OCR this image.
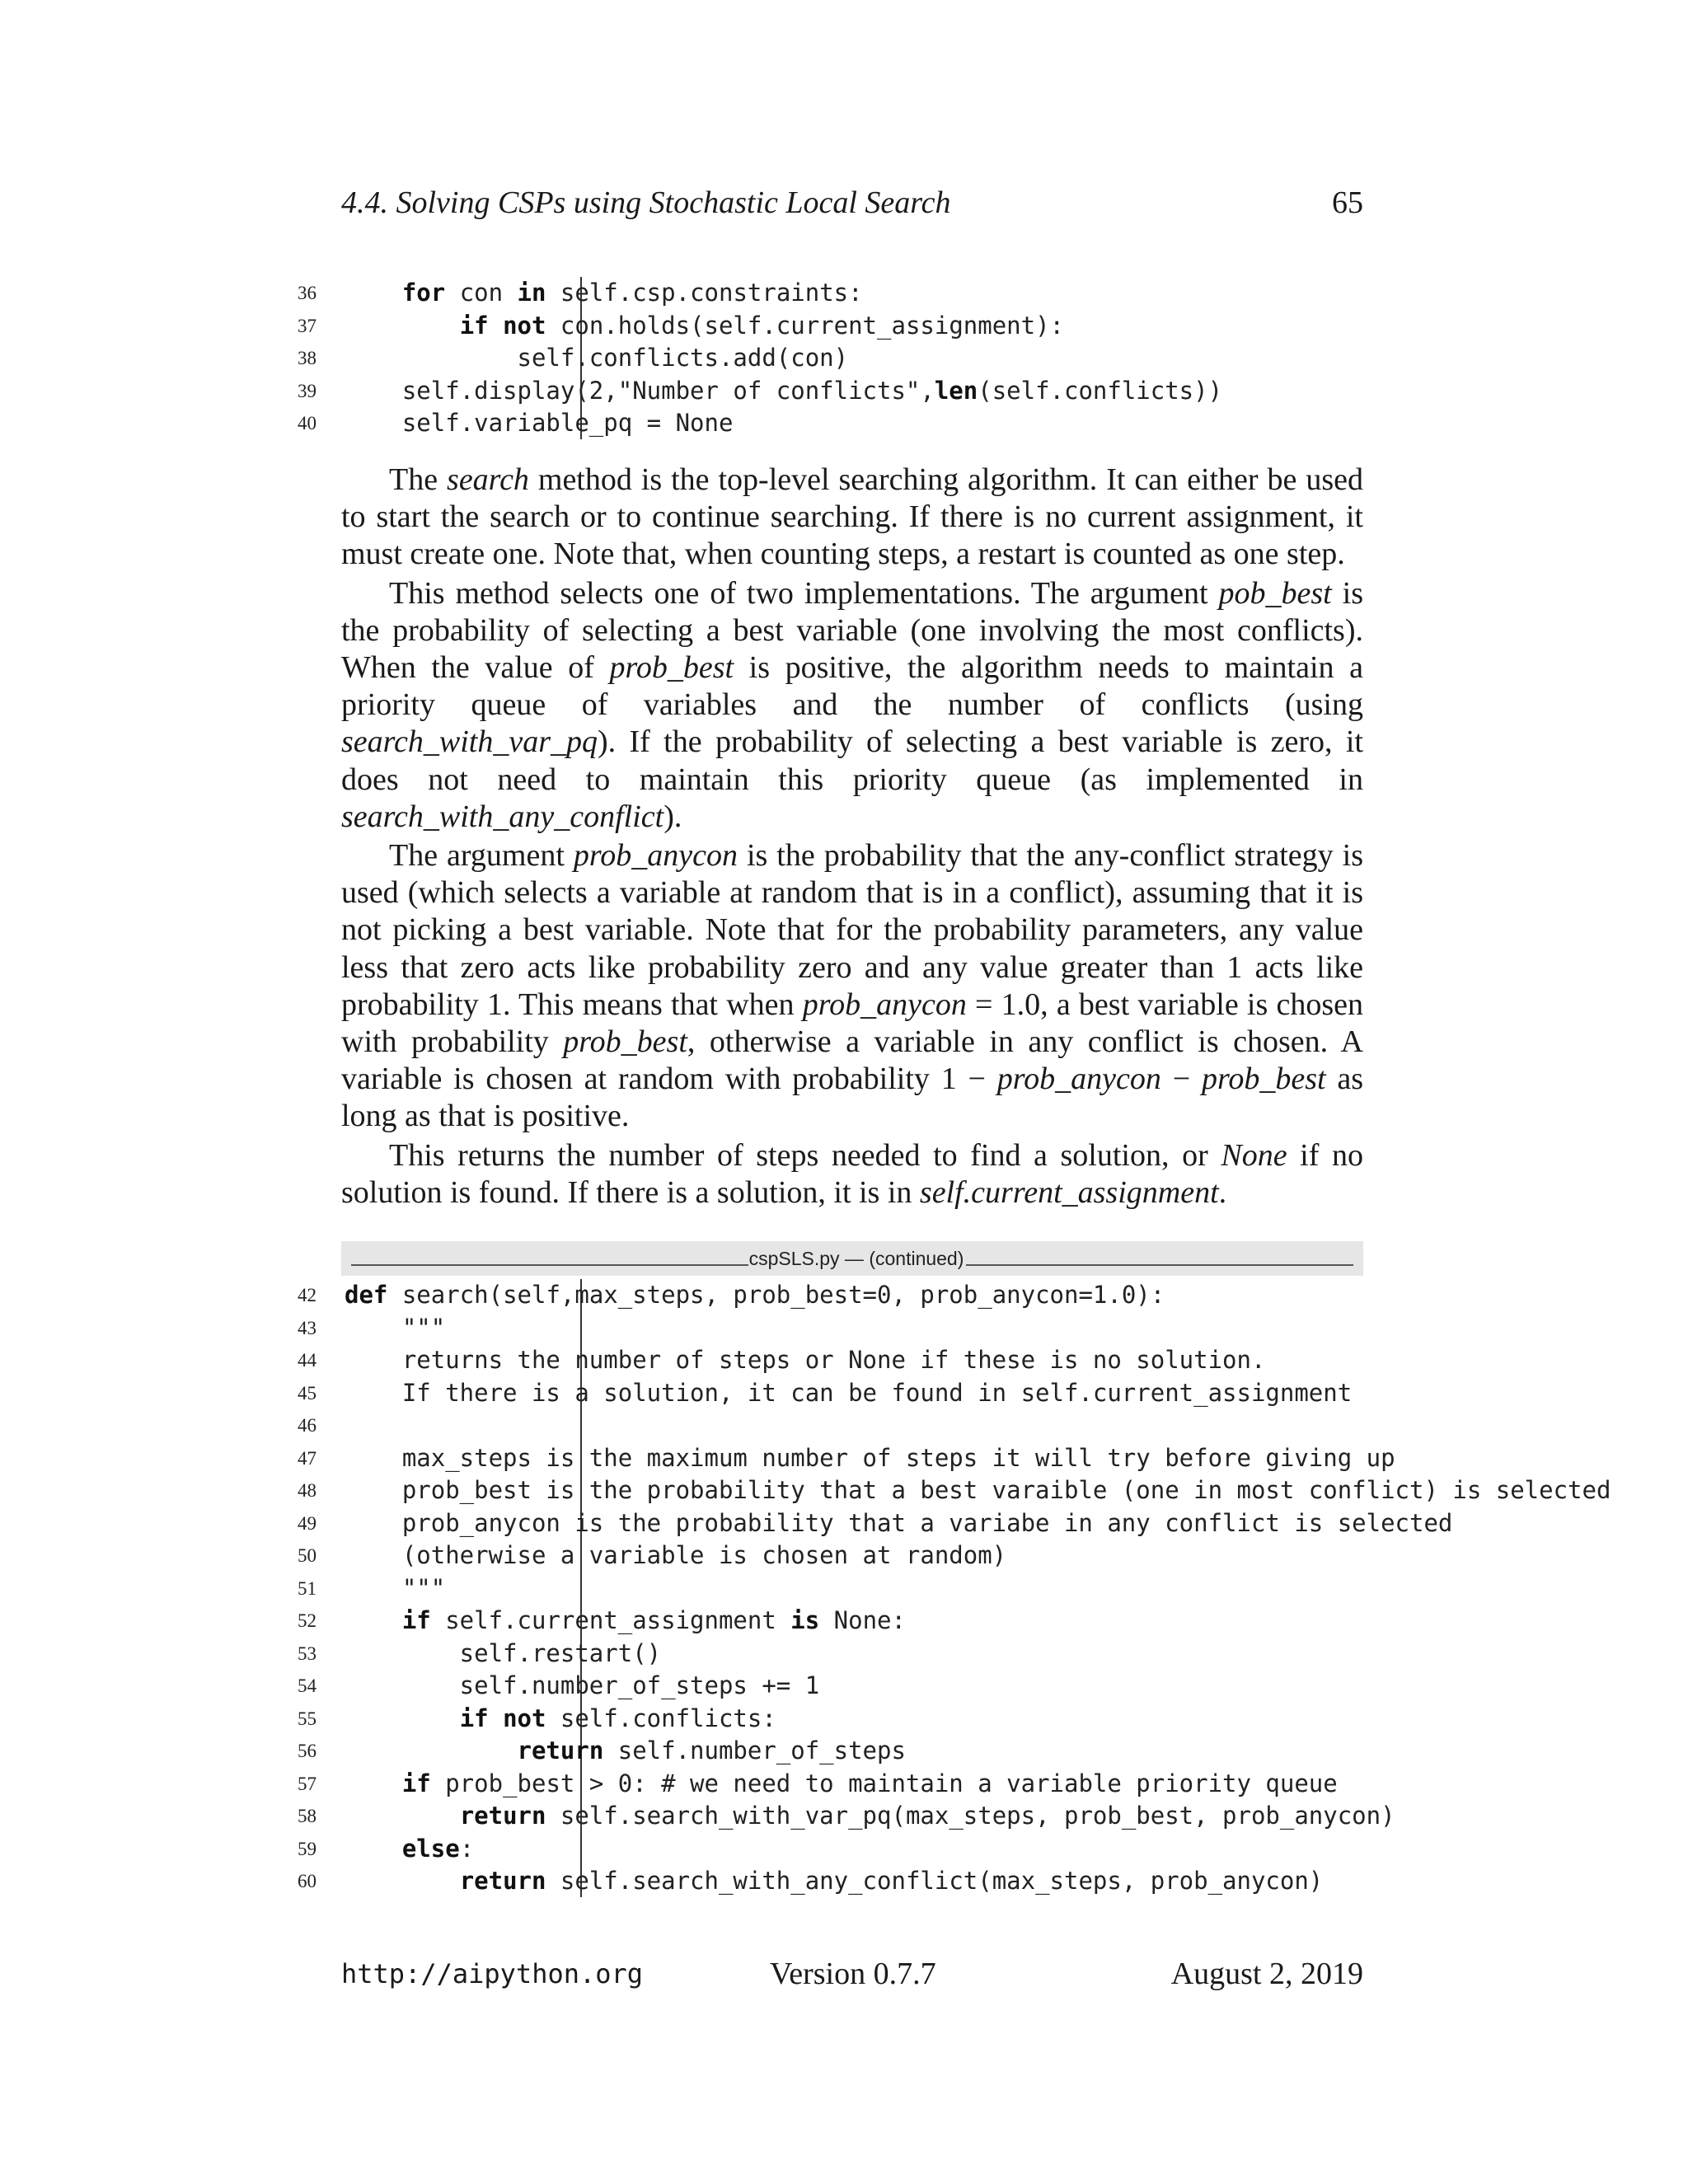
4.4. Solving CSPs using Stochastic Local Search	65
36	for con in self.csp.constraints:
37	if not con.holds(self.current_assignment):
38 self.conflicts.add(con)
39 self.display(2,"Number of conflicts",len(self.conflicts))
40 self.variable_pq = None

The search method is the top-level searching algorithm. It can either be used to start the search or to continue searching. If there is no current assignment, it must create one. Note that, when counting steps, a restart is counted as one step.

This method selects one of two implementations. The argument pob_best is the probability of selecting a best variable (one involving the most conflicts). When the value of prob_best is positive, the algorithm needs to maintain a priority queue of variables and the number of conflicts (using search_with_var_pq). If the probability of selecting a best variable is zero, it does not need to maintain this priority queue (as implemented in search_with_any_conflict).

The argument prob_anycon is the probability that the any-conflict strategy is used (which selects a variable at random that is in a conflict), assuming that it is not picking a best variable. Note that for the probability parameters, any value less that zero acts like probability zero and any value greater than 1 acts like probability 1. This means that when prob_anycon = 1.0, a best variable is chosen with probability prob_best, otherwise a variable in any conflict is chosen. A variable is chosen at random with probability 1 − prob_anycon − prob_best as long as that is positive.

This returns the number of steps needed to find a solution, or None if no solution is found. If there is a solution, it is in self.current_assignment.

cspSLS.py — (continued)
42 def search(self,max_steps, prob_best=0, prob_anycon=1.0):
43 """
44 returns the number of steps or None if these is no solution.
45 If there is a solution, it can be found in self.current_assignment
46
47 max_steps is the maximum number of steps it will try before giving up
48 prob_best is the probability that a best varaible (one in most conflict) is selected
49 prob_anycon is the probability that a variabe in any conflict is selected
50 (otherwise a variable is chosen at random)
51 """
52	if self.current_assignment is None:
53 self.restart()
54 self.number_of_steps += 1
55	if not self.conflicts:
56	return self.number_of_steps
57	if prob_best > 0: # we need to maintain a variable priority queue
58	return self.search_with_var_pq(max_steps, prob_best, prob_anycon)
59	else:
60	return self.search_with_any_conflict(max_steps, prob_anycon)
http://aipython.org	Version 0.7.7	August 2, 2019
